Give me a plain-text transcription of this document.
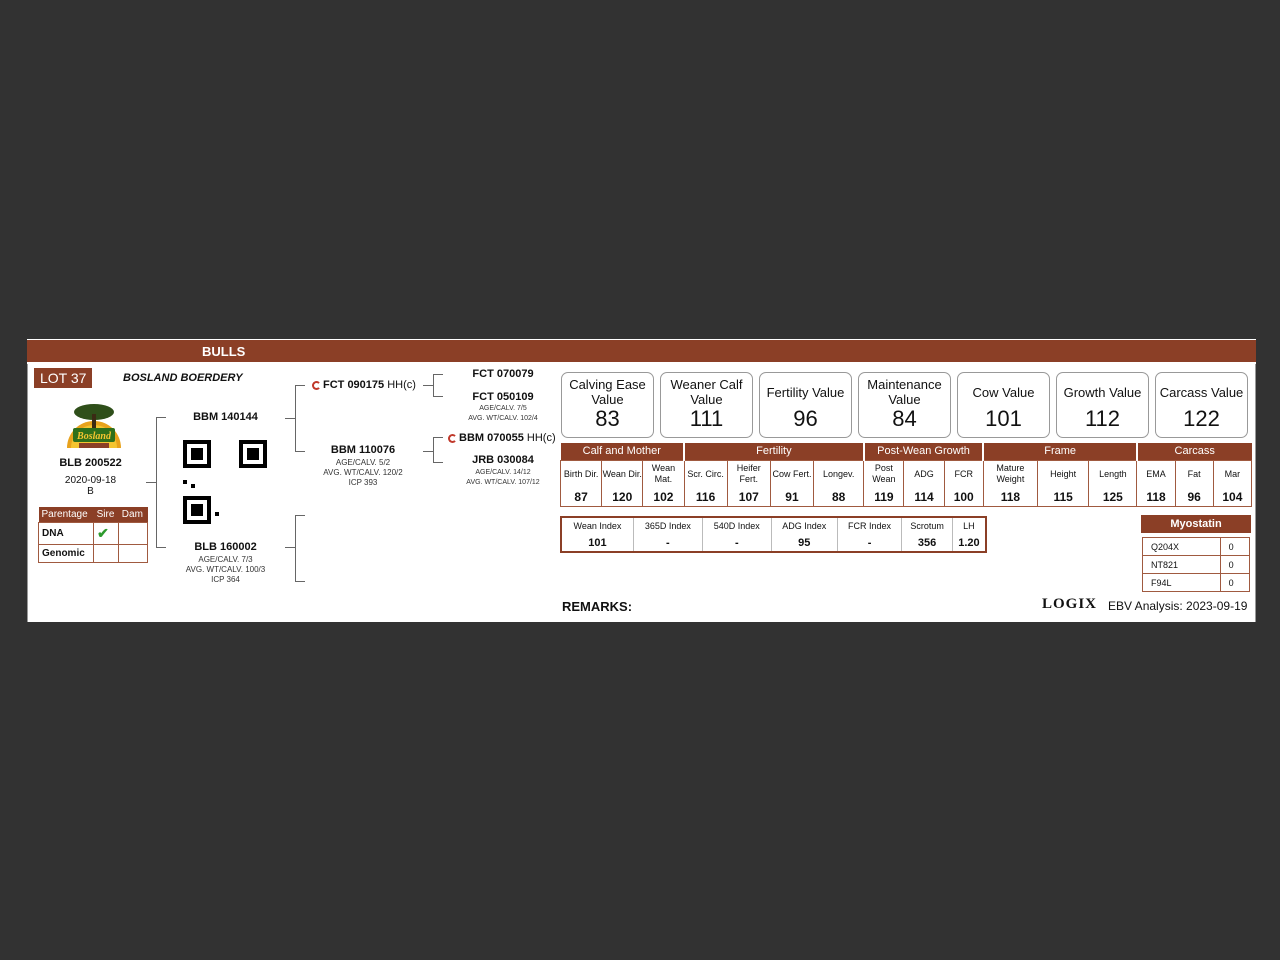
BULLS
LOT 37	BOSLAND BOERDERY
Bosland
BLB 200522
2020-09-18
B
Parentage	Sire	Dam
DNA	✔	
Genomic		
BBM 140144
BLB 160002
AGE/CALV. 7/3
AVG. WT/CALV. 100/3
ICP 364
FCT 090175 HH(c)
BBM 110076
AGE/CALV. 5/2
AVG. WT/CALV. 120/2
ICP 393
FCT 070079
FCT 050109
AGE/CALV. 7/5
AVG. WT/CALV. 102/4
BBM 070055 HH(c)
JRB 030084
AGE/CALV. 14/12
AVG. WT/CALV. 107/12
Calving Ease Value
83
Weaner Calf Value
111
Fertility Value
96
Maintenance Value
84
Cow Value
101
Growth Value
112
Carcass Value
122
Calf and Mother			Fertility				Post-Wean Growth			Frame			Carcass		
Birth Dir.	Wean Dir.	Wean Mat.	Scr. Circ.	Heifer Fert.	Cow Fert.	Longev.	Post Wean	ADG	FCR	Mature Weight	Height	Length	EMA	Fat	Mar
87	120	102	116	107	91	88	119	114	100	118	115	125	118	96	104
Wean Index	365D Index	540D Index	ADG Index	FCR Index	Scrotum	LH
101	-	-	95	-	356	1.20
Myostatin
Q204X	0
NT821	0
F94L	0
REMARKS:	LOGIX EBV Analysis: 2023-09-19
